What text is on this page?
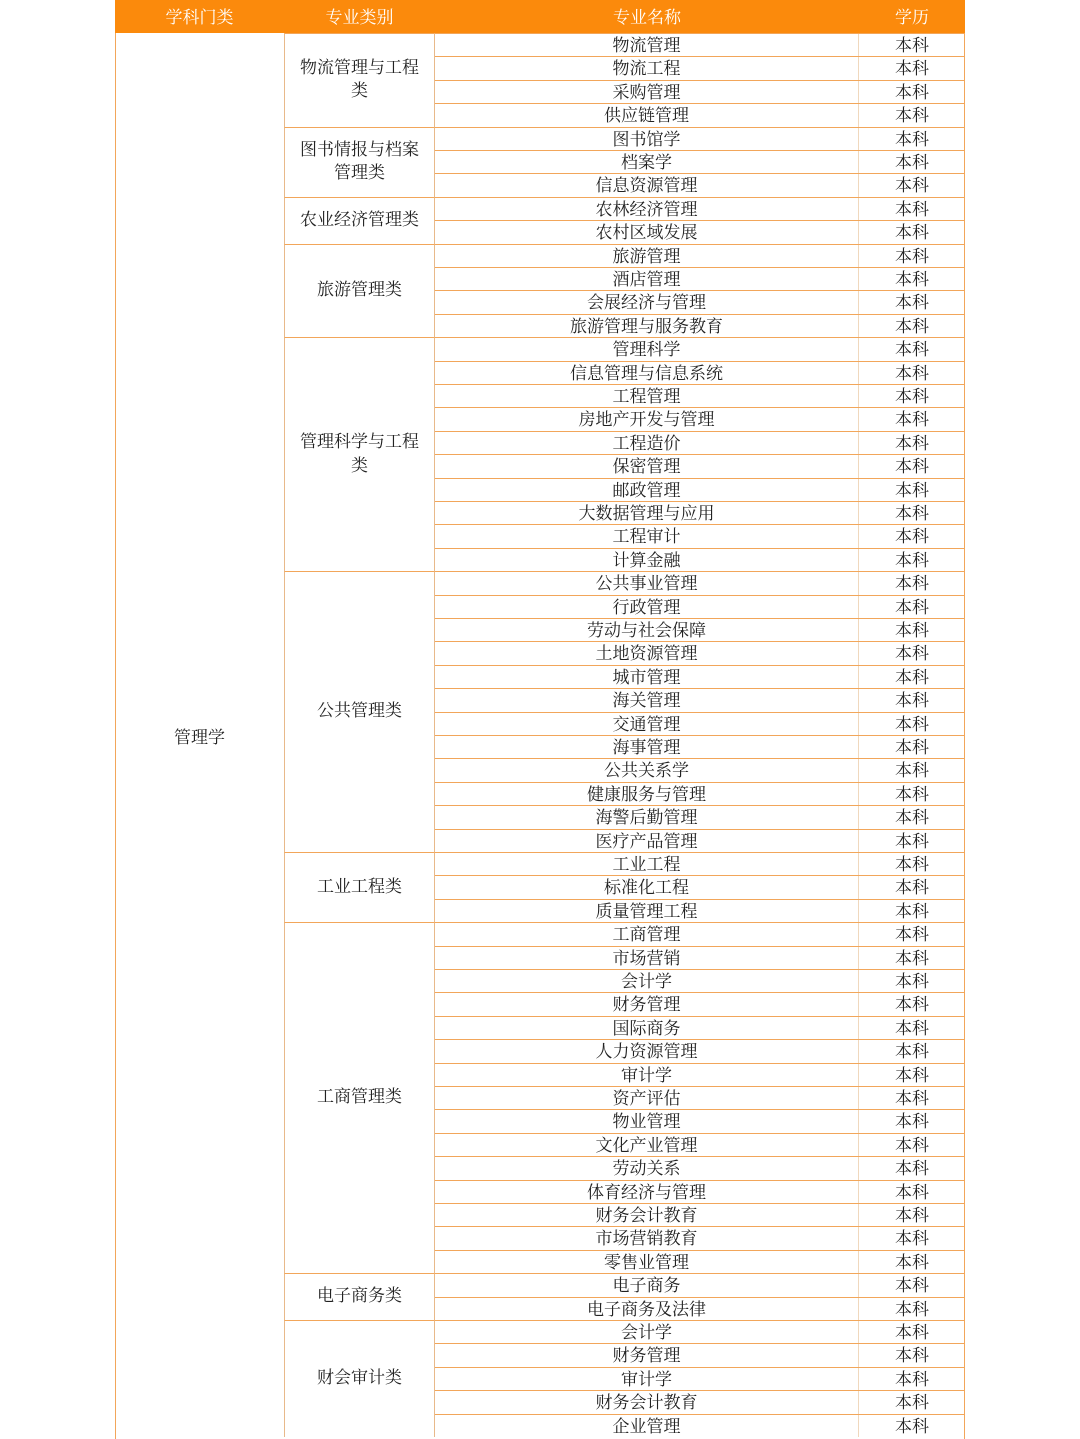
学科门类	专业类别	专业名称	学历
管理学
物流管理与工程类
物流管理	本科
物流工程	本科
采购管理	本科
供应链管理	本科
图书情报与档案管理类
图书馆学	本科
档案学	本科
信息资源管理	本科
农业经济管理类
农林经济管理	本科
农村区域发展	本科
旅游管理类
旅游管理	本科
酒店管理	本科
会展经济与管理	本科
旅游管理与服务教育	本科
管理科学与工程类
管理科学	本科
信息管理与信息系统	本科
工程管理	本科
房地产开发与管理	本科
工程造价	本科
保密管理	本科
邮政管理	本科
大数据管理与应用	本科
工程审计	本科
计算金融	本科
公共管理类
公共事业管理	本科
行政管理	本科
劳动与社会保障	本科
土地资源管理	本科
城市管理	本科
海关管理	本科
交通管理	本科
海事管理	本科
公共关系学	本科
健康服务与管理	本科
海警后勤管理	本科
医疗产品管理	本科
工业工程类
工业工程	本科
标准化工程	本科
质量管理工程	本科
工商管理类
工商管理	本科
市场营销	本科
会计学	本科
财务管理	本科
国际商务	本科
人力资源管理	本科
审计学	本科
资产评估	本科
物业管理	本科
文化产业管理	本科
劳动关系	本科
体育经济与管理	本科
财务会计教育	本科
市场营销教育	本科
零售业管理	本科
电子商务类
电子商务	本科
电子商务及法律	本科
财会审计类
会计学	本科
财务管理	本科
审计学	本科
财务会计教育	本科
企业管理	本科
